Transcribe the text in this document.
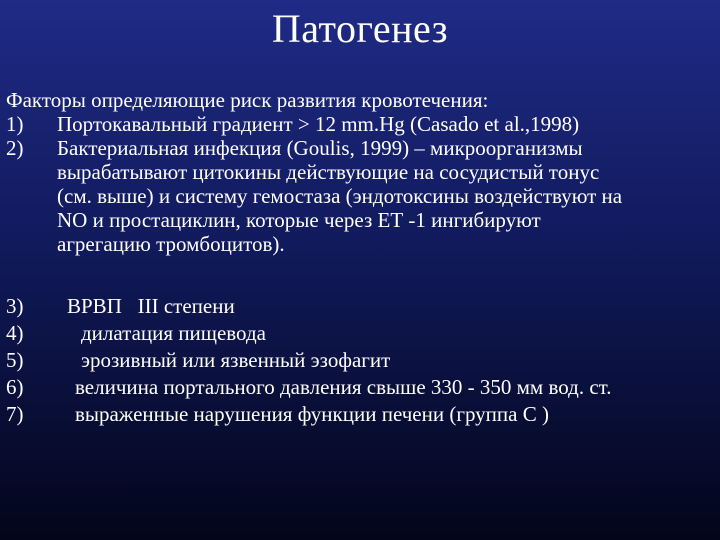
Патогенез
Факторы определяющие риск развития кровотечения:
1)	Портокавальный градиент > 12 mm.Hg (Casado et al.,1998)
2)	Бактериальная инфекция (Goulis, 1999) – микроорганизмы
вырабатывают цитокины действующие на сосудистый тонус
(см. выше) и систему гемостаза (эндотоксины воздействуют на
NO и простациклин, которые через ЕТ -1 ингибируют
агрегацию тромбоцитов).
3)	ВРВП   III степени
4)	дилатация пищевода
5)	эрозивный или язвенный эзофагит
6)	величина портального давления свыше 330 - 350 мм вод. ст.
7)	выраженные нарушения функции печени (группа С )
